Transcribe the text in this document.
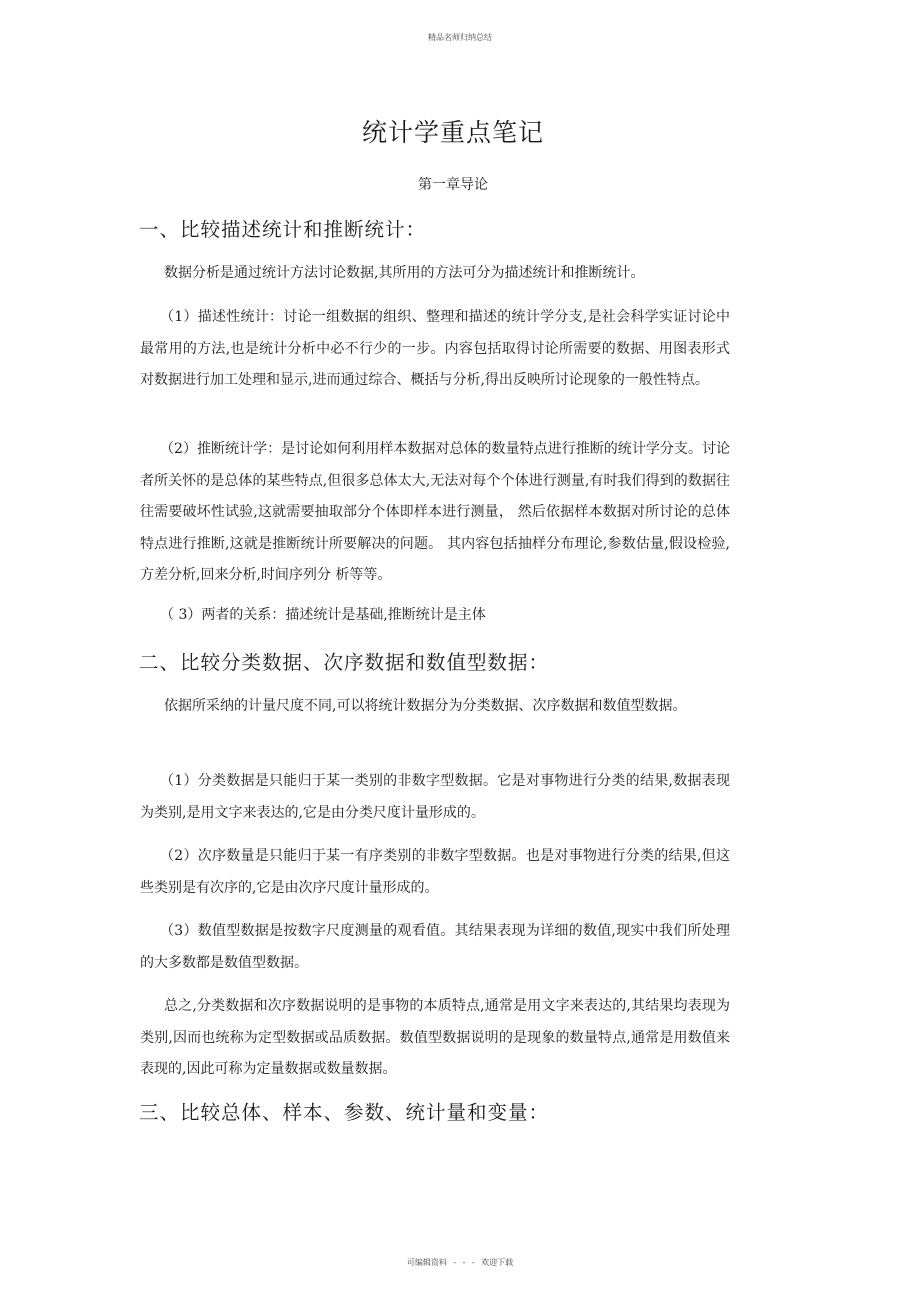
精品名师归纳总结
统计学重点笔记
第一章导论
一、比较描述统计和推断统计：
数据分析是通过统计方法讨论数据,其所用的方法可分为描述统计和推断统计。
（1）描述性统计：讨论一组数据的组织、整理和描述的统计学分支,是社会科学实证讨论中最常用的方法,也是统计分析中必不行少的一步。内容包括取得讨论所需要的数据、用图表形式对数据进行加工处理和显示,进而通过综合、概括与分析,得出反映所讨论现象的一般性特点。
（2）推断统计学：是讨论如何利用样本数据对总体的数量特点进行推断的统计学分支。讨论者所关怀的是总体的某些特点,但很多总体太大,无法对每个个体进行测量,有时我们得到的数据往往需要破坏性试验,这就需要抽取部分个体即样本进行测量， 然后依据样本数据对所讨论的总体特点进行推断,这就是推断统计所要解决的问题。 其内容包括抽样分布理论,参数估量,假设检验,方差分析,回来分析,时间序列分 析等等。
（ 3）两者的关系：描述统计是基础,推断统计是主体
二、比较分类数据、次序数据和数值型数据：
依据所采纳的计量尺度不同,可以将统计数据分为分类数据、次序数据和数值型数据。
（1）分类数据是只能归于某一类别的非数字型数据。它是对事物进行分类的结果,数据表现为类别,是用文字来表达的,它是由分类尺度计量形成的。
（2）次序数量是只能归于某一有序类别的非数字型数据。也是对事物进行分类的结果,但这些类别是有次序的,它是由次序尺度计量形成的。
（3）数值型数据是按数字尺度测量的观看值。其结果表现为详细的数值,现实中我们所处理的大多数都是数值型数据。
总之,分类数据和次序数据说明的是事物的本质特点,通常是用文字来表达的,其结果均表现为类别,因而也统称为定型数据或品质数据。数值型数据说明的是现象的数量特点,通常是用数值来表现的,因此可称为定量数据或数量数据。
三、比较总体、样本、参数、统计量和变量：
可编辑资料 - - - 欢迎下载
